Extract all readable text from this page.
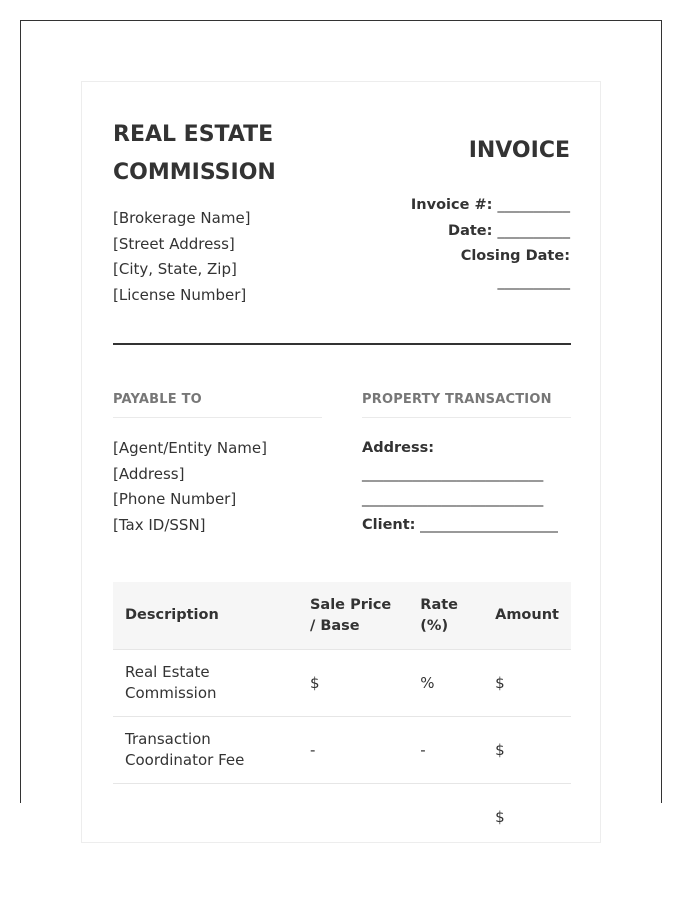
REAL ESTATE COMMISSION
[Brokerage Name]
[Street Address]
[City, State, Zip]
[License Number]
INVOICE
Invoice #: __________
Date: __________
Closing Date:
__________
PAYABLE TO	PROPERTY TRANSACTION
[Agent/Entity Name]
[Address]
[Phone Number]
[Tax ID/SSN]
Address:
_________________________
_________________________
Client: ___________________
Description	Sale Price / Base	Rate (%)	Amount
Real Estate Commission	$	%	$
Transaction Coordinator Fee	-	-	$
			$
